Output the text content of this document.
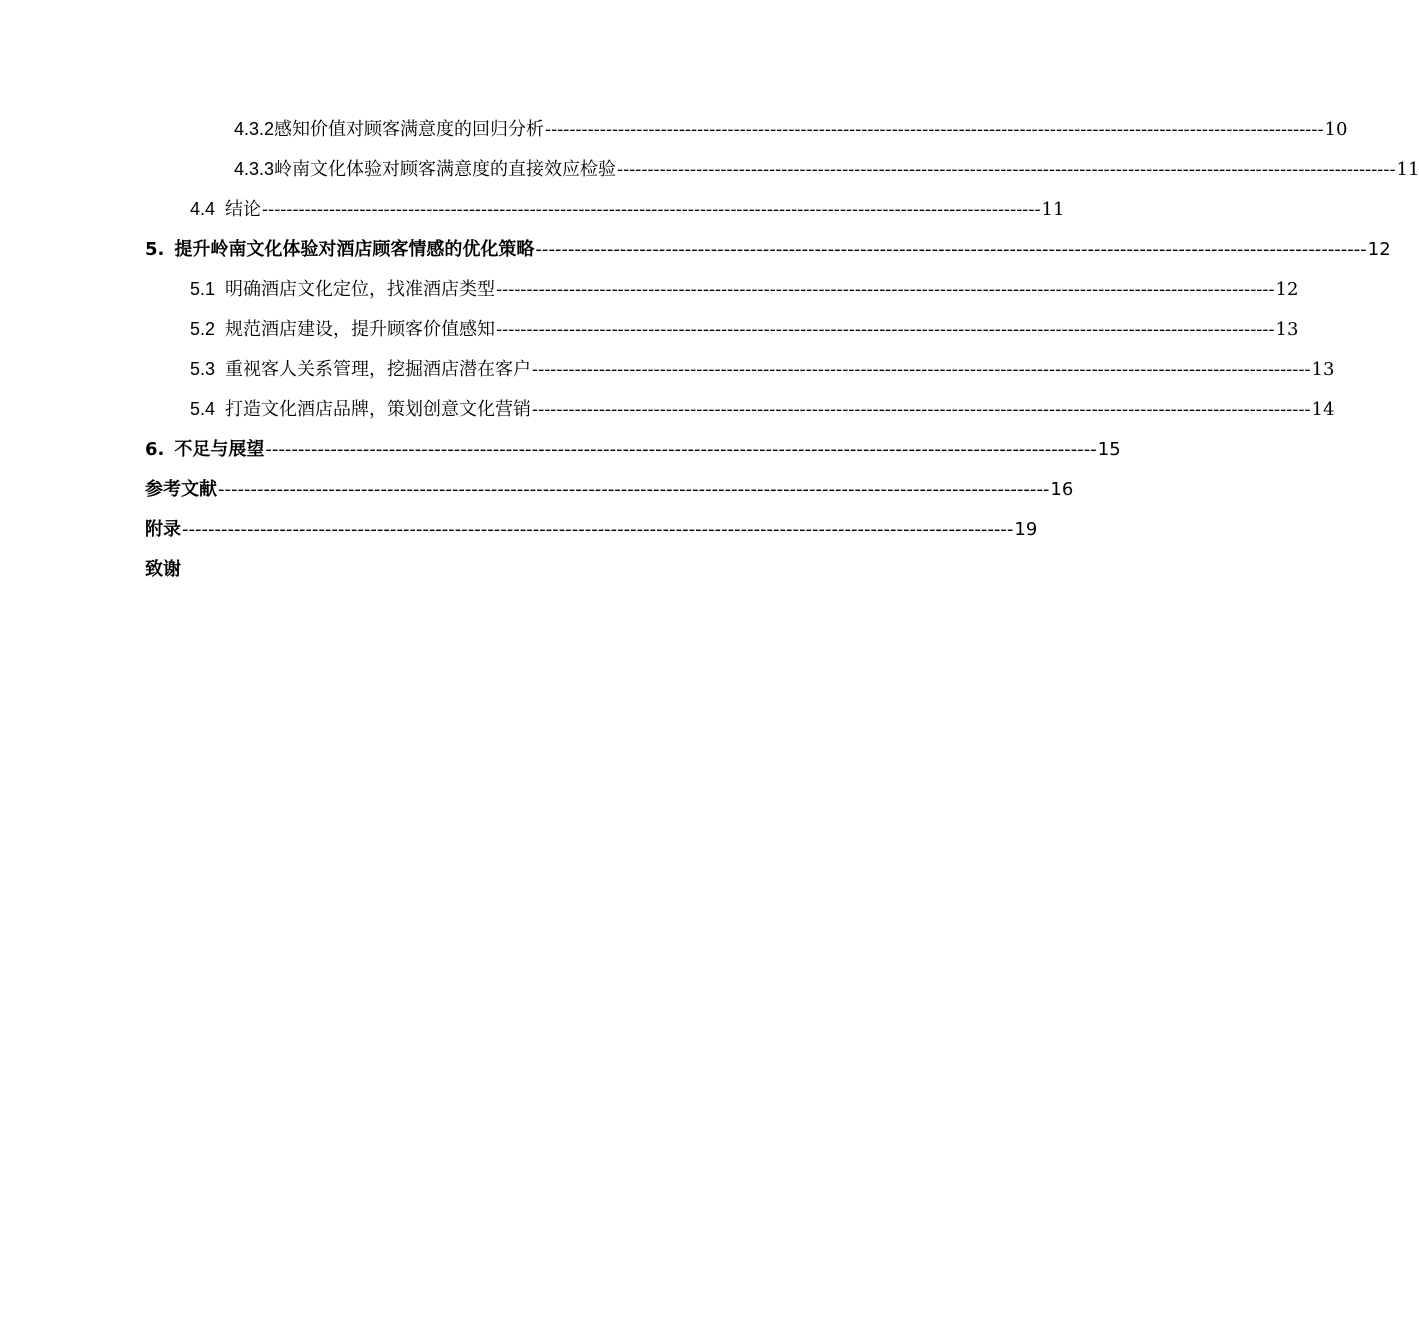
4.3.2感知价值对顾客满意度的回归分析 -------------------------------------------------------------------------------------------------------------------------------- 10
4.3.3岭南文化体验对顾客满意度的直接效应检验 -------------------------------------------------------------------------------------------------------------------------------- 11
4.4 结论 -------------------------------------------------------------------------------------------------------------------------------- 11
5. 提升岭南文化体验对酒店顾客情感的优化策略 -------------------------------------------------------------------------------------------------------------------------------- 12
5.1 明确酒店文化定位，找准酒店类型 -------------------------------------------------------------------------------------------------------------------------------- 12
5.2 规范酒店建设，提升顾客价值感知 -------------------------------------------------------------------------------------------------------------------------------- 13
5.3 重视客人关系管理，挖掘酒店潜在客户 -------------------------------------------------------------------------------------------------------------------------------- 13
5.4 打造文化酒店品牌，策划创意文化营销 -------------------------------------------------------------------------------------------------------------------------------- 14
6. 不足与展望 -------------------------------------------------------------------------------------------------------------------------------- 15
参考文献 -------------------------------------------------------------------------------------------------------------------------------- 16
附录 -------------------------------------------------------------------------------------------------------------------------------- 19
致谢
